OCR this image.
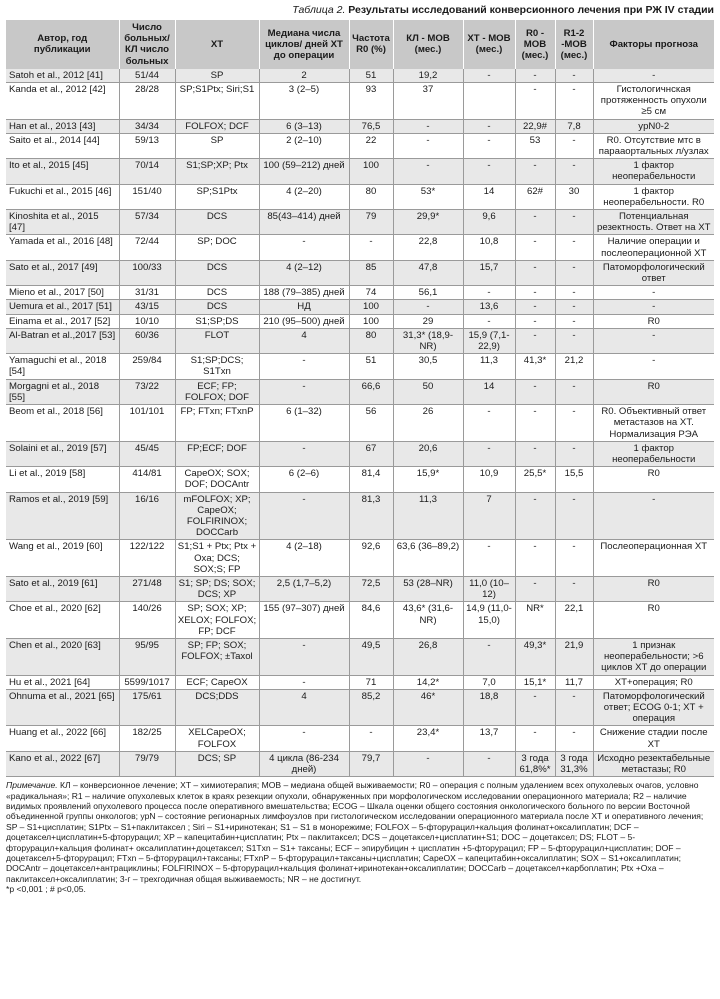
Таблица 2. Результаты исследований конверсионного лечения при РЖ IV стадии
Автор, год публикации	Число больных/ КЛ число больных	ХТ	Медиана числа циклов/ дней ХТ до операции	Частота R0 (%)	КЛ - МОВ (мес.)	ХТ - МОВ (мес.)	R0 - МОВ (мес.)	R1-2 -МОВ (мес.)	Факторы прогноза
Satoh et al., 2012 [41]	51/44	SP	2	51	19,2	-	-	-	-
Kanda et al., 2012 [42]	28/28	SP;S1Ptx; Siri;S1	3 (2–5)	93	37		-	-	Гистологичнская протяженность опухоли ≥5 см
Han et al., 2013 [43]	34/34	FOLFOX; DCF	6 (3–13)	76,5	-	-	22,9#	7,8	ypN0-2
Saito et al., 2014 [44]	59/13	SP	2 (2–10)	22	-	-	53	-	R0. Отсутствие мтс в парааортальных л/узлах
Ito et al., 2015 [45]	70/14	S1;SP;XP; Ptx	100 (59–212) дней	100	-	-	-	-	1 фактор неоперабельности
Fukuchi et al., 2015 [46]	151/40	SP;S1Ptx	4 (2–20)	80	53*	14	62#	30	1 фактор неоперабельности. R0
Kinoshita et al., 2015 [47]	57/34	DCS	85(43–414) дней	79	29,9*	9,6	-	-	Потенциальная резектность. Ответ на ХТ
Yamada et al., 2016 [48]	72/44	SP; DOC	-	-	22,8	10,8	-	-	Наличие операции и послеоперационной ХТ
Sato et al., 2017 [49]	100/33	DCS	4 (2–12)	85	47,8	15,7	-	-	Патоморфологический ответ
Mieno et al., 2017 [50]	31/31	DCS	188 (79–385) дней	74	56,1	-	-	-	-
Uemura et al., 2017 [51]	43/15	DCS	НД	100	-	13,6	-	-	-
Einama et al., 2017 [52]	10/10	S1;SP;DS	210 (95–500) дней	100	29	-	-	-	R0
Al-Batran et al.,2017 [53]	60/36	FLOT	4	80	31,3* (18,9-NR)	15,9 (7,1-22,9)	-	-	-
Yamaguchi et al., 2018 [54]	259/84	S1;SP;DCS; S1Txn	-	51	30,5	11,3	41,3*	21,2	-
Morgagni et al., 2018 [55]	73/22	ECF; FP; FOLFOX; DOF	-	66,6	50	14	-	-	R0
Beom et al., 2018 [56]	101/101	FP; FTxn; FTxnP	6 (1–32)	56	26	-	-	-	R0. Объективный ответ метастазов на ХТ. Нормализация РЭА
Solaini et al., 2019 [57]	45/45	FP;ECF; DOF	-	67	20,6	-	-	-	1 фактор неоперабельности
Li et al., 2019 [58]	414/81	CapeOX; SOX; DOF; DOCAntr	6 (2–6)	81,4	15,9*	10,9	25,5*	15,5	R0
Ramos et al., 2019 [59]	16/16	mFOLFOX; XP; CapeOX; FOLFIRINOX; DOCCarb	-	81,3	11,3	7	-	-	-
Wang et al., 2019 [60]	122/122	S1;S1 + Ptx; Ptx + Oxa; DCS; SOX;S; FP	4 (2–18)	92,6	63,6 (36–89,2)	-	-	-	Послеоперационная ХТ
Sato et al., 2019 [61]	271/48	S1; SP; DS; SOX; DCS; XP	2,5 (1,7–5,2)	72,5	53 (28–NR)	11,0 (10–12)	-	-	R0
Choe et al., 2020 [62]	140/26	SP; SOX; XP; XELOX; FOLFOX; FP; DCF	155 (97–307) дней	84,6	43,6* (31,6-NR)	14,9 (11,0-15,0)	NR*	22,1	R0
Chen et al., 2020 [63]	95/95	SP; FP; SOX; FOLFOX; ±Taxol	-	49,5	26,8	-	49,3*	21,9	1 признак неоперабельности; >6 циклов ХТ до операции
Hu et al., 2021 [64]	5599/1017	ECF; CapeOX	-	71	14,2*	7,0	15,1*	11,7	ХТ+операция; R0
Ohnuma et al., 2021 [65]	175/61	DCS;DDS	4	85,2	46*	18,8	-	-	Патоморфологический ответ; ECOG 0-1; ХТ + операция
Huang et al., 2022 [66]	182/25	XELCapeOX; FOLFOX	-	-	23,4*	13,7	-	-	Снижение стадии после ХТ
Kano et al., 2022 [67]	79/79	DCS; SP	4 цикла (86-234 дней)	79,7	-	-	3 года 61,8%*	3 года 31,3%	Исходно резектабельные метастазы; R0
Примечание. КЛ – конверсионное лечение; ХТ – химиотерапия; МОВ – медиана общей выживаемости; R0 – операция с полным удалением всех опухолевых очагов, условно «радикальная»; R1 – наличие опухолевых клеток в краях резекции опухоли, обнаруженных при морфологическом исследовании операционного материала; R2 – наличие видимых проявлений опухолевого процесса после оперативного вмешательства; ECOG – Шкала оценки общего состояния онкологического больного по версии Восточной объединенной группы онкологов; ypN – состояние регионарных лимфоузлов при гистологическом исследовании операционного материала после ХТ и оперативного лечения; SP – S1+цисплатин; S1Ptx – S1+паклитаксел ; Siri – S1+иринотекан; S1 – S1 в монорежиме; FOLFOX – 5-фторурацил+кальция фолинат+оксалиплатин; DCF – доцетаксел+цисплатин+5-фторурацил; XP – капецитабин+цисплатин; Ptx – паклитаксел; DCS – доцетаксел+цисплатин+S1; DOC – доцетаксел; DS; FLOT – 5-фторурацил+кальция фолинат+ оксалиплатин+доцетаксел; S1Txn – S1+ таксаны; ECF – эпирубицин + цисплатин +5-фторурацил; FP – 5-фторурацил+цисплатин; DOF – доцетаксел+5-фторурацил; FTxn – 5-фторурацил+таксаны; FTxnP – 5-фторурацил+таксаны+цисплатин; CapeOX – капецитабин+оксалиплатин; SOX – S1+оксалиплатин; DOCAntr – доцетаксел+антрациклины; FOLFIRINOX – 5-фторурацил+кальция фолинат+иринотекан+оксалиплатин; DOCCarb – доцетаксел+карбоплатин; Ptx +Oxa – паклитаксел+оксалиплатин; 3-г – трехгодичная общая выживаемость; NR – не достигнут.
*p <0,001 ; # p<0,05.
